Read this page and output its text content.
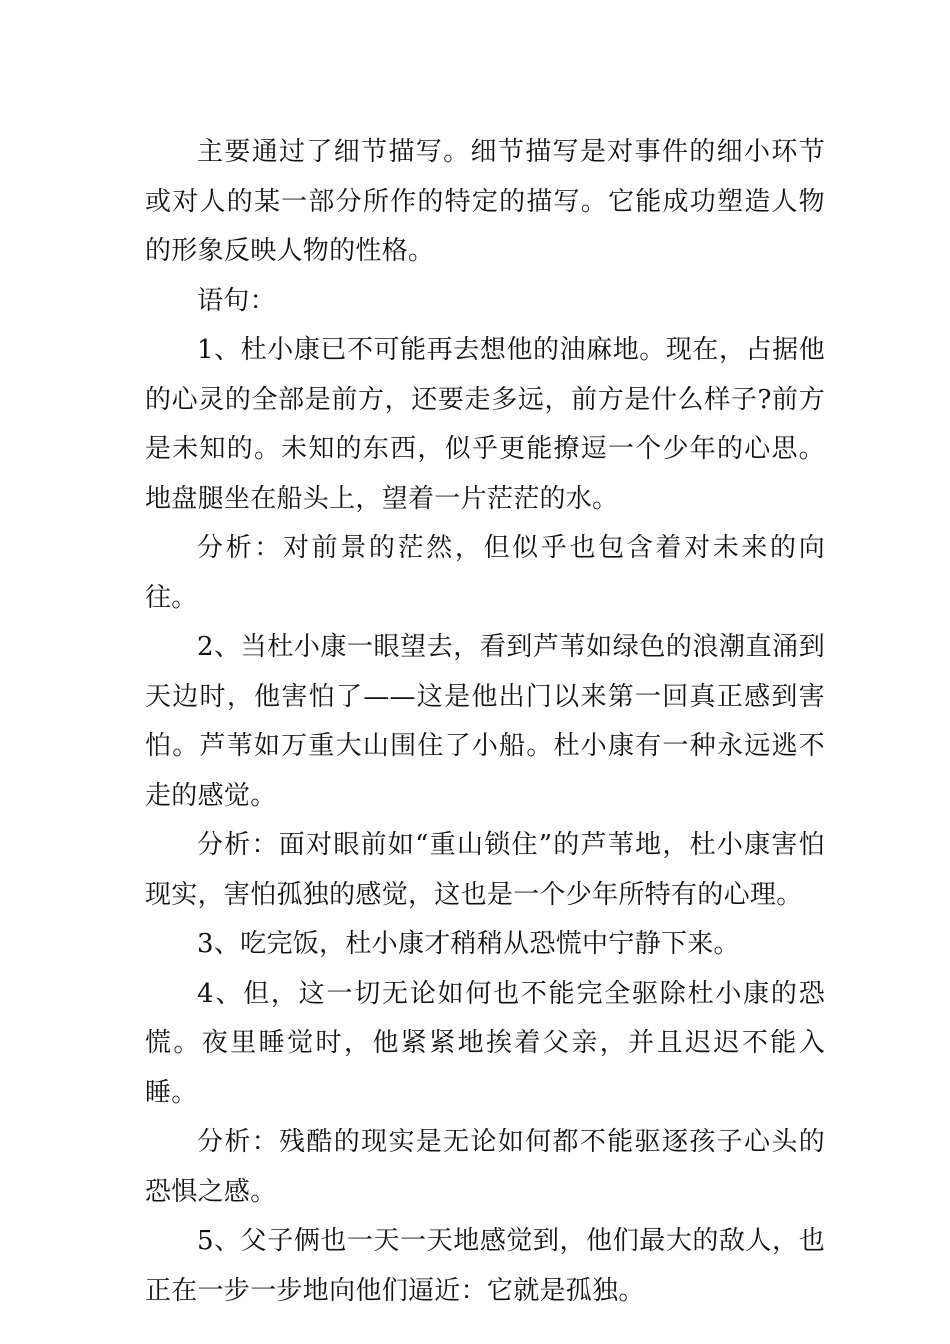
主要通过了细节描写。细节描写是对事件的细小环节或对人的某一部分所作的特定的描写。它能成功塑造人物的形象反映人物的性格。

语句：

1、杜小康已不可能再去想他的油麻地。现在，占据他的心灵的全部是前方，还要走多远，前方是什么样子?前方是未知的。未知的东西，似乎更能撩逗一个少年的心思。地盘腿坐在船头上，望着一片茫茫的水。

分析：对前景的茫然，但似乎也包含着对未来的向往。

2、当杜小康一眼望去，看到芦苇如绿色的浪潮直涌到天边时，他害怕了——这是他出门以来第一回真正感到害怕。芦苇如万重大山围住了小船。杜小康有一种永远逃不走的感觉。

分析：面对眼前如“重山锁住”的芦苇地，杜小康害怕现实，害怕孤独的感觉，这也是一个少年所特有的心理。

3、吃完饭，杜小康才稍稍从恐慌中宁静下来。

4、但，这一切无论如何也不能完全驱除杜小康的恐慌。夜里睡觉时，他紧紧地挨着父亲，并且迟迟不能入睡。

分析：残酷的现实是无论如何都不能驱逐孩子心头的恐惧之感。

5、父子俩也一天一天地感觉到，他们最大的敌人，也正在一步一步地向他们逼近：它就是孤独。
